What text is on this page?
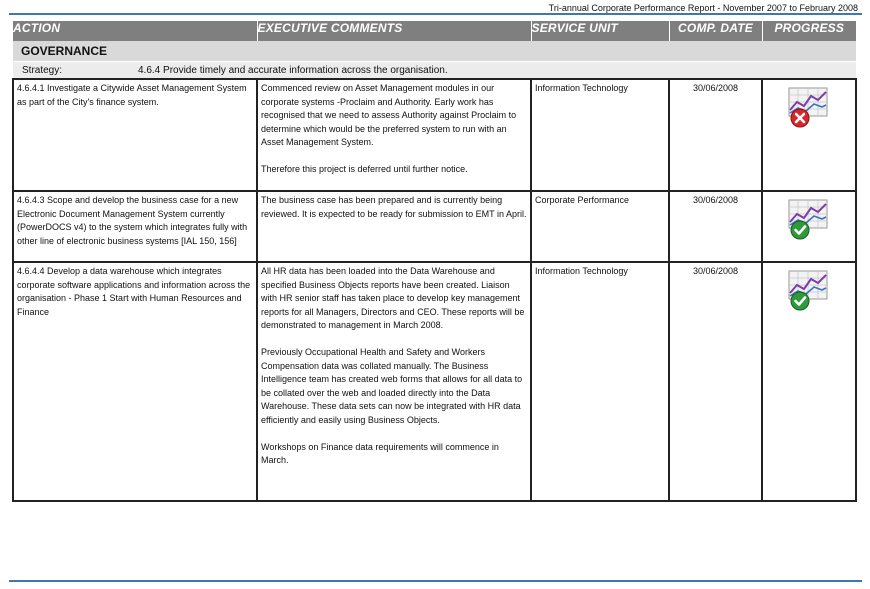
Tri-annual Corporate Performance Report - November 2007 to February 2008
ACTION	EXECUTIVE COMMENTS	SERVICE UNIT	COMP. DATE	PROGRESS
GOVERNANCE				
Strategy: 4.6.4 Provide timely and accurate information across the organisation.				
4.6.4.1 Investigate a Citywide Asset Management System as part of the City's finance system.	Commenced review on Asset Management modules in our corporate systems -Proclaim and Authority. Early work has recognised that we need to assess Authority against Proclaim to determine which would be the preferred system to run with an Asset Management System.
Therefore this project is deferred until further notice.	Information Technology	30/06/2008	

4.6.4.3 Scope and develop the business case for a new Electronic Document Management System currently (PowerDOCS v4) to the system which integrates fully with other line of electronic business systems [IAL 150, 156]	The business case has been prepared and is currently being reviewed. It is expected to be ready for submission to EMT in April.	Corporate Performance	30/06/2008	

4.6.4.4 Develop a data warehouse which integrates corporate software applications and information across the organisation - Phase 1 Start with Human Resources and Finance	All HR data has been loaded into the Data Warehouse and specified Business Objects reports have been created. Liaison with HR senior staff has taken place to develop key management reports for all Managers, Directors and CEO. These reports will be demonstrated to management in March 2008.
Previously Occupational Health and Safety and Workers Compensation data was collated manually. The Business Intelligence team has created web forms that allows for all data to be collated over the web and loaded directly into the Data Warehouse. These data sets can now be integrated with HR data efficiently and easily using Business Objects.
Workshops on Finance data requirements will commence in March.	Information Technology	30/06/2008	
